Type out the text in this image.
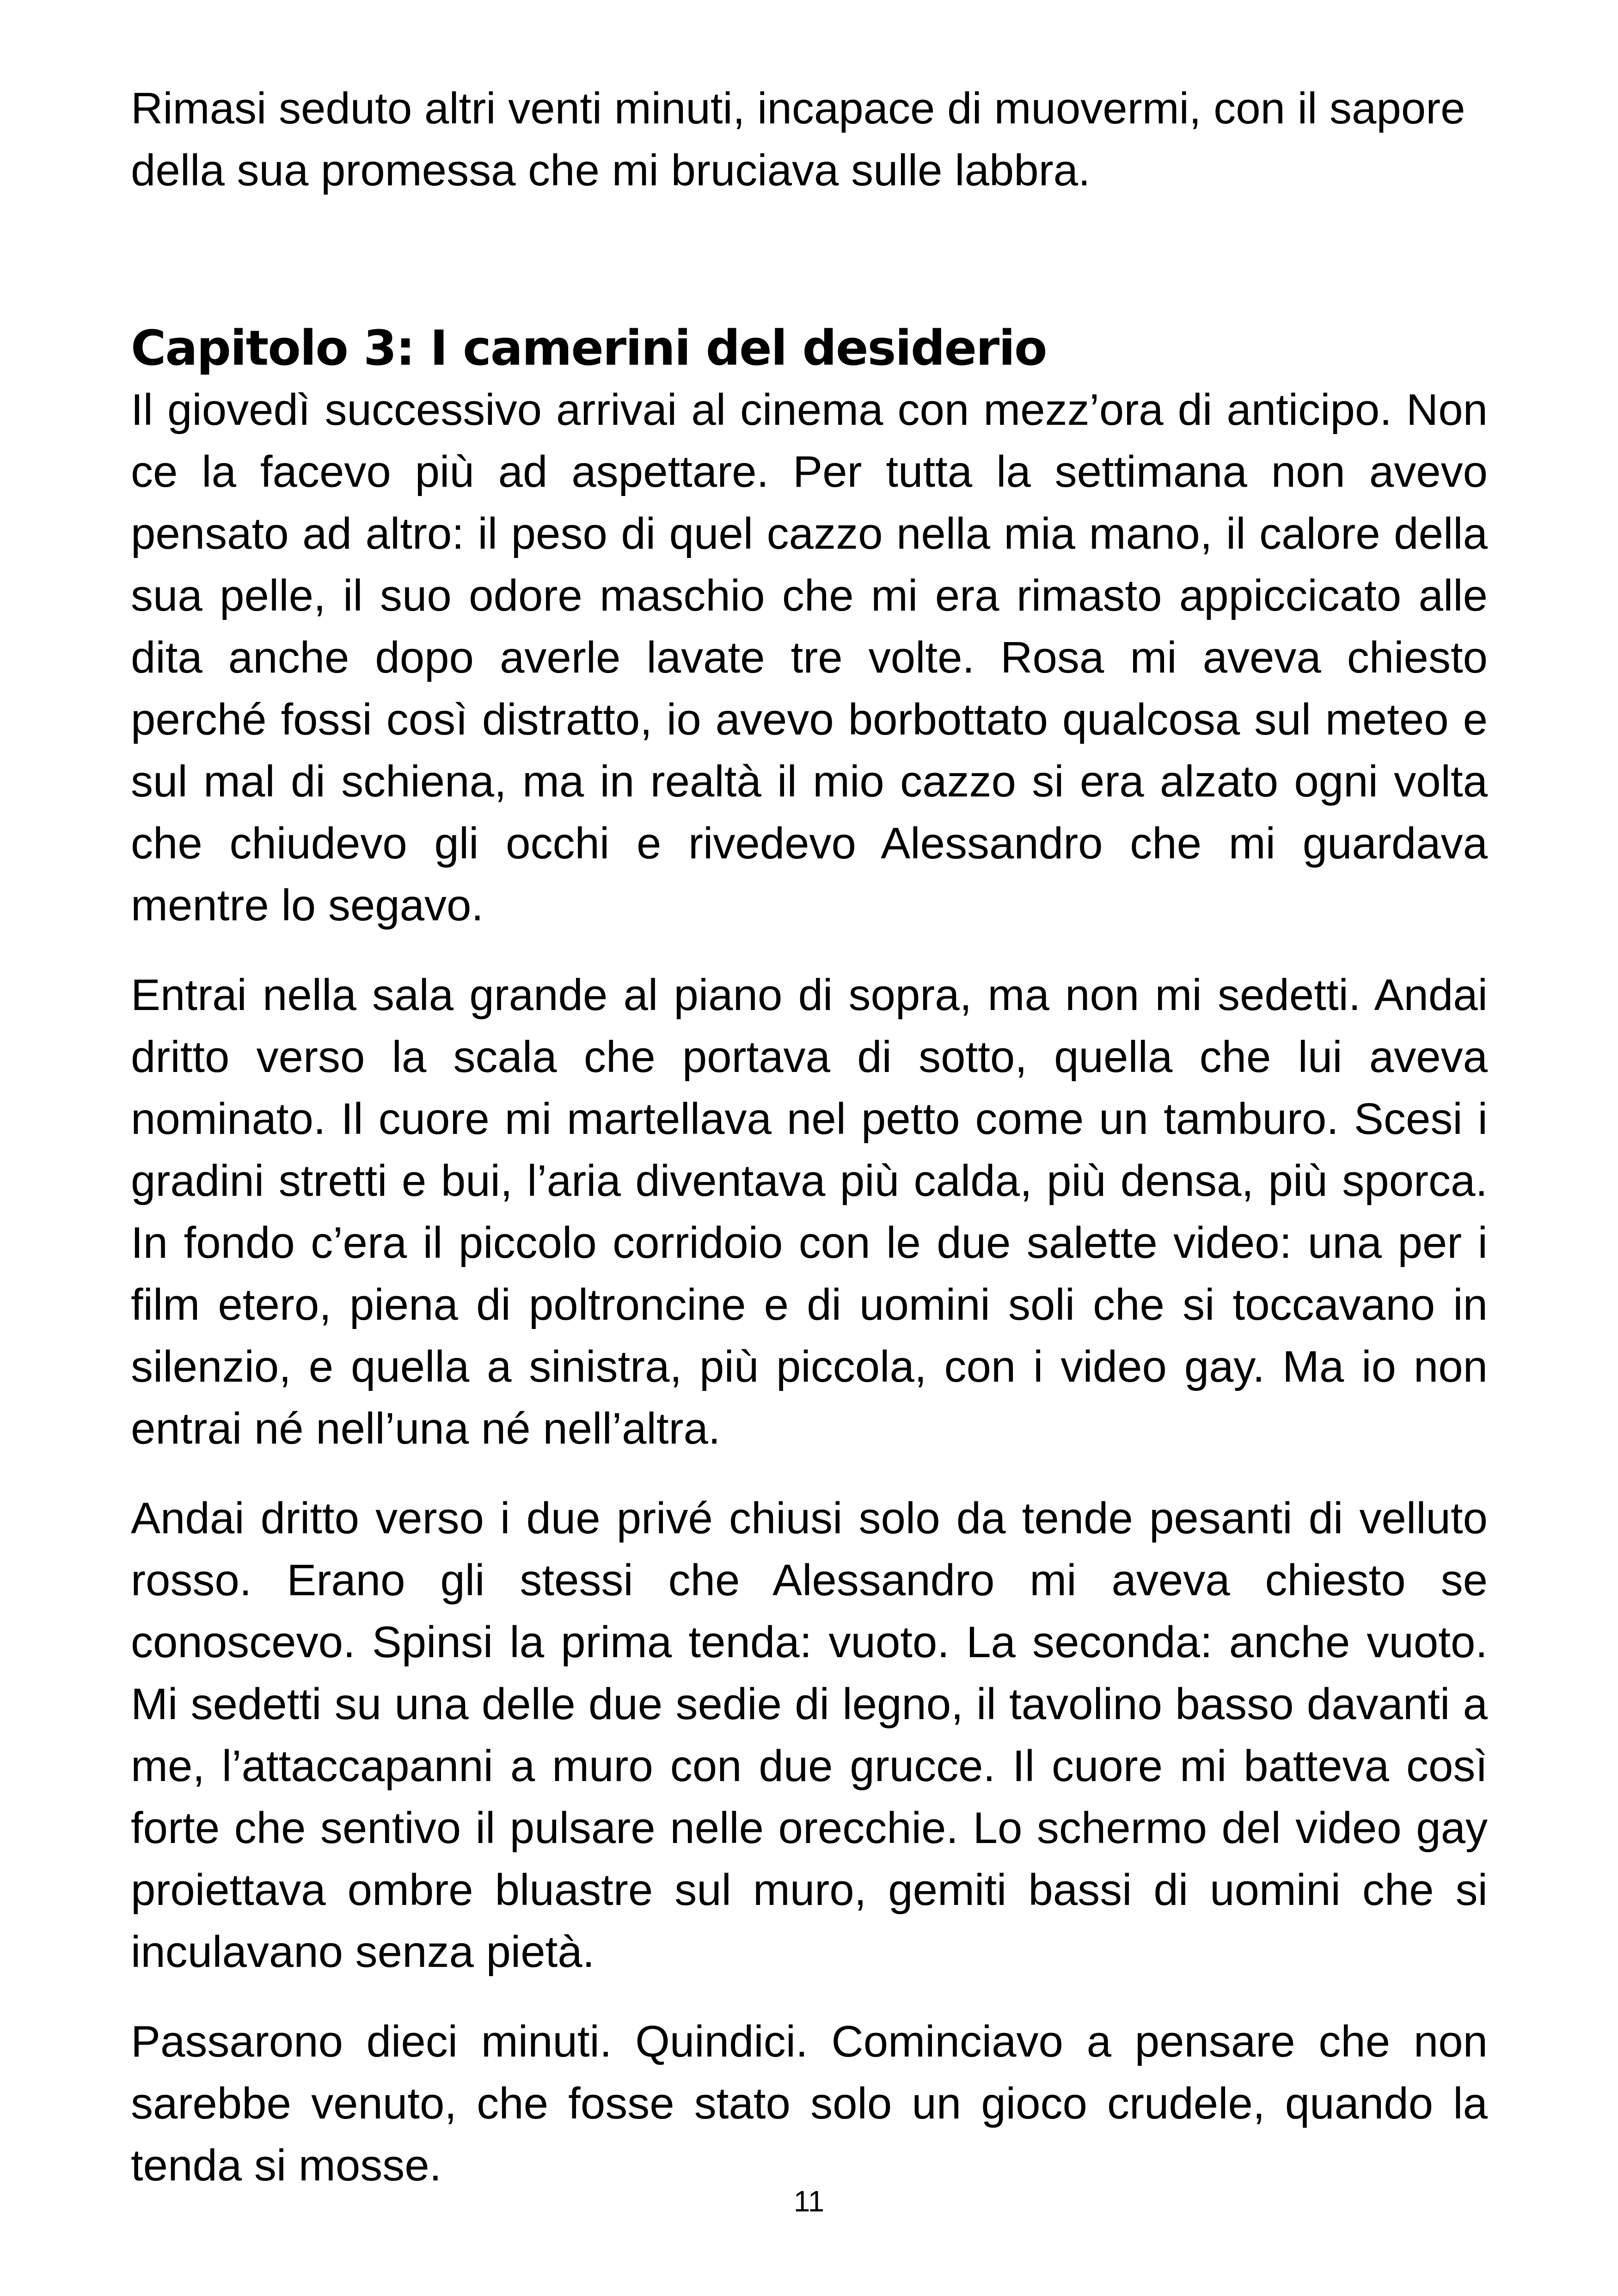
Rimasi seduto altri venti minuti, incapace di muovermi, con il sapore della sua promessa che mi bruciava sulle labbra.

Capitolo 3: I camerini del desiderio

Il giovedì successivo arrivai al cinema con mezz’ora di anticipo. Non ce la facevo più ad aspettare. Per tutta la settimana non avevo pensato ad altro: il peso di quel cazzo nella mia mano, il calore della sua pelle, il suo odore maschio che mi era rimasto appiccicato alle dita anche dopo averle lavate tre volte. Rosa mi aveva chiesto perché fossi così distratto, io avevo borbottato qualcosa sul meteo e sul mal di schiena, ma in realtà il mio cazzo si era alzato ogni volta che chiudevo gli occhi e rivedevo Alessandro che mi guardava mentre lo segavo.

Entrai nella sala grande al piano di sopra, ma non mi sedetti. Andai dritto verso la scala che portava di sotto, quella che lui aveva nominato. Il cuore mi martellava nel petto come un tamburo. Scesi i gradini stretti e bui, l’aria diventava più calda, più densa, più sporca. In fondo c’era il piccolo corridoio con le due salette video: una per i film etero, piena di poltroncine e di uomini soli che si toccavano in silenzio, e quella a sinistra, più piccola, con i video gay. Ma io non entrai né nell’una né nell’altra.

Andai dritto verso i due privé chiusi solo da tende pesanti di velluto rosso. Erano gli stessi che Alessandro mi aveva chiesto se conoscevo. Spinsi la prima tenda: vuoto. La seconda: anche vuoto. Mi sedetti su una delle due sedie di legno, il tavolino basso davanti a me, l’attaccapanni a muro con due grucce. Il cuore mi batteva così forte che sentivo il pulsare nelle orecchie. Lo schermo del video gay proiettava ombre bluastre sul muro, gemiti bassi di uomini che si inculavano senza pietà.

Passarono dieci minuti. Quindici. Cominciavo a pensare che non sarebbe venuto, che fosse stato solo un gioco crudele, quando la tenda si mosse.

11
